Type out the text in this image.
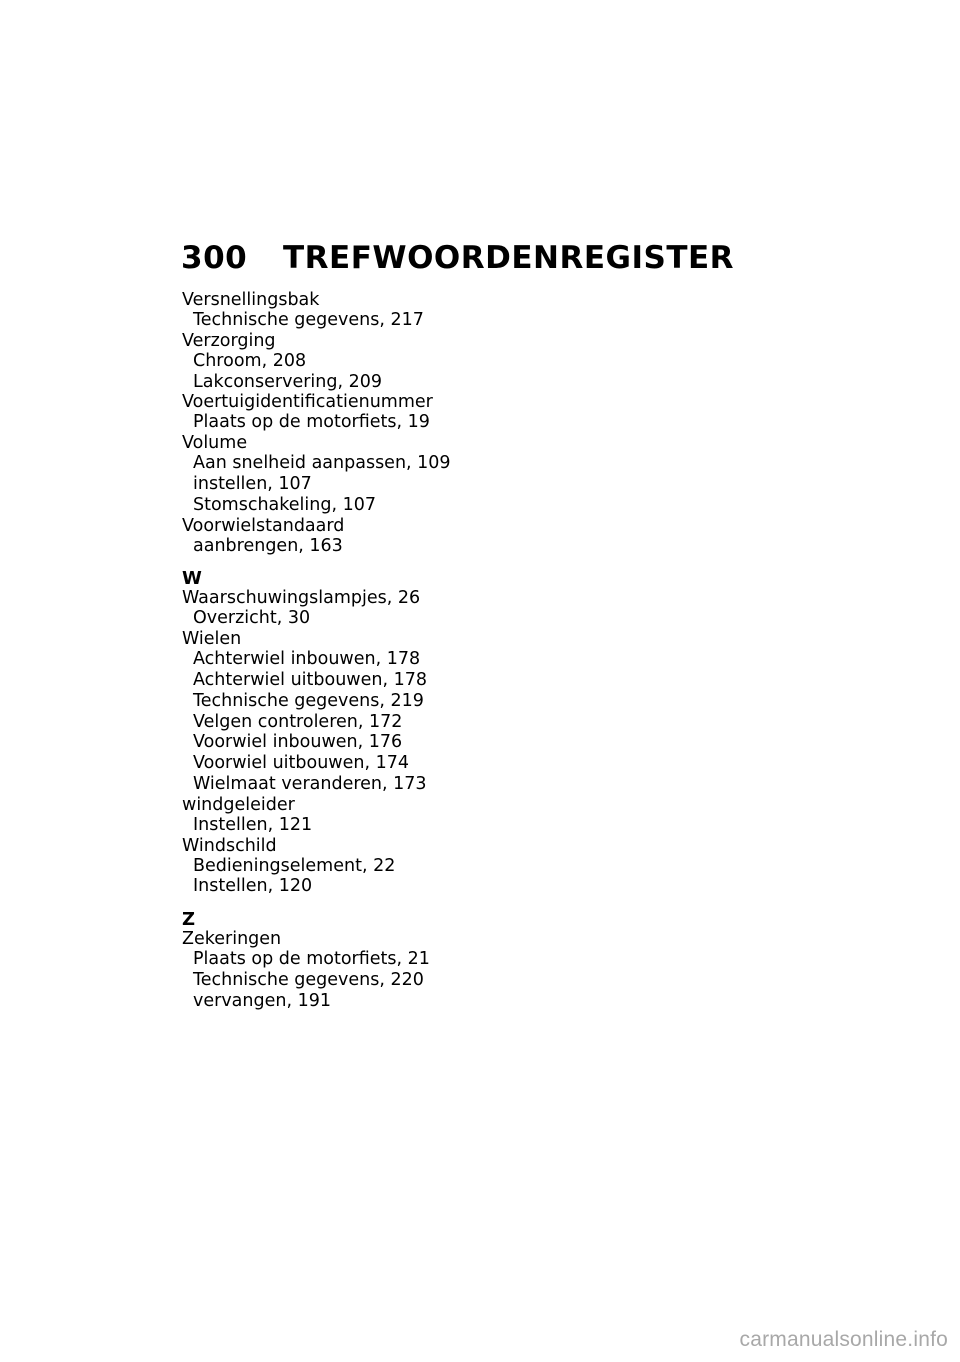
300	TREFWOORDENREGISTER
Versnellingsbak
Technische gegevens, 217
Verzorging
Chroom, 208
Lakconservering, 209
Voertuigidentificatienummer
Plaats op de motorfiets, 19
Volume
Aan snelheid aanpassen, 109
instellen, 107
Stomschakeling, 107
Voorwielstandaard
aanbrengen, 163
W
Waarschuwingslampjes, 26
Overzicht, 30
Wielen
Achterwiel inbouwen, 178
Achterwiel uitbouwen, 178
Technische gegevens, 219
Velgen controleren, 172
Voorwiel inbouwen, 176
Voorwiel uitbouwen, 174
Wielmaat veranderen, 173
windgeleider
Instellen, 121
Windschild
Bedieningselement, 22
Instellen, 120
Z
Zekeringen
Plaats op de motorfiets, 21
Technische gegevens, 220
vervangen, 191
carmanualsonline.info
